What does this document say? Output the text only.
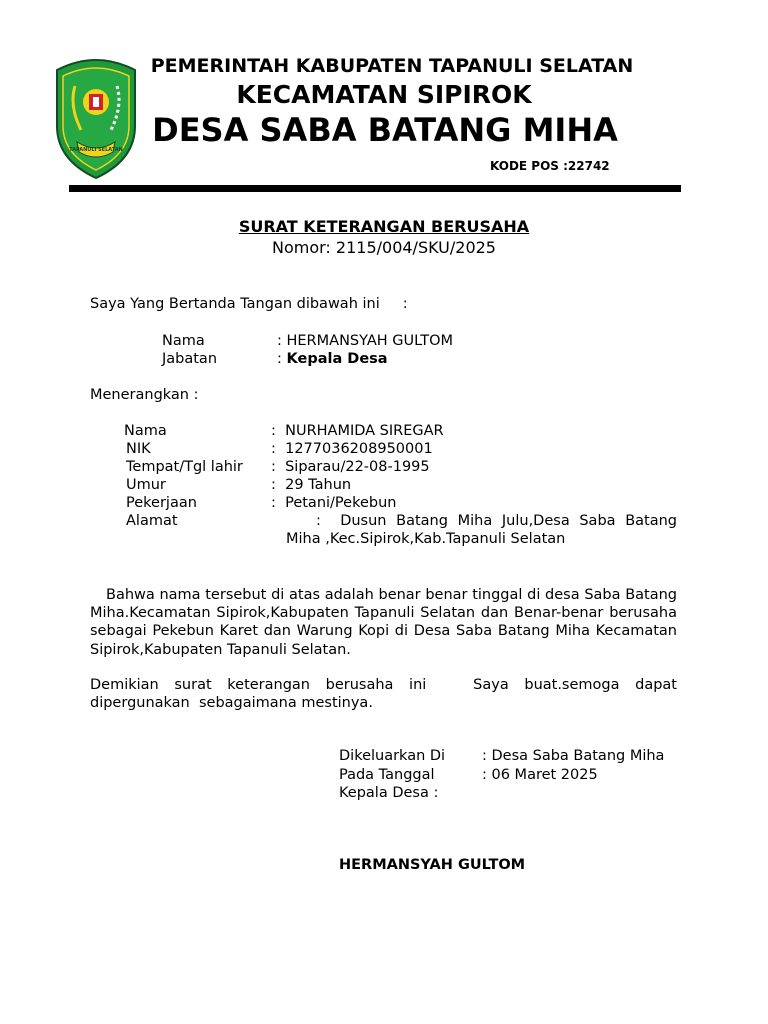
TAPANULI SELATAN
PEMERINTAH KABUPATEN TAPANULI SELATAN
KECAMATAN SIPIROK
DESA SABA BATANG MIHA
KODE POS :22742
SURAT KETERANGAN BERUSAHA
Nomor: 2115/004/SKU/2025
Saya Yang Bertanda Tangan dibawah ini     :
Nama	: HERMANSYAH GULTOM
Jabatan	: Kepala Desa
Menerangkan :
Nama	:  NURHAMIDA SIREGAR
NIK	:  1277036208950001
Tempat/Tgl lahir :  Siparau/22-08-1995
Umur	:  29 Tahun
Pekerjaan	:  Petani/Pekebun
Alamat	:  Dusun Batang Miha Julu,Desa Saba Batang
Miha ,Kec.Sipirok,Kab.Tapanuli Selatan
Bahwa nama tersebut di atas adalah benar benar tinggal di desa Saba Batang Miha.Kecamatan Sipirok,Kabupaten Tapanuli Selatan dan Benar-benar berusaha sebagai Pekebun Karet dan Warung Kopi di Desa Saba Batang Miha Kecamatan Sipirok,Kabupaten Tapanuli Selatan.
Demikian surat keterangan berusaha ini   Saya buat.semoga dapat dipergunakan  sebagaimana mestinya.
Dikeluarkan Di	: Desa Saba Batang Miha
Pada Tanggal	: 06 Maret 2025
Kepala Desa :
HERMANSYAH GULTOM
